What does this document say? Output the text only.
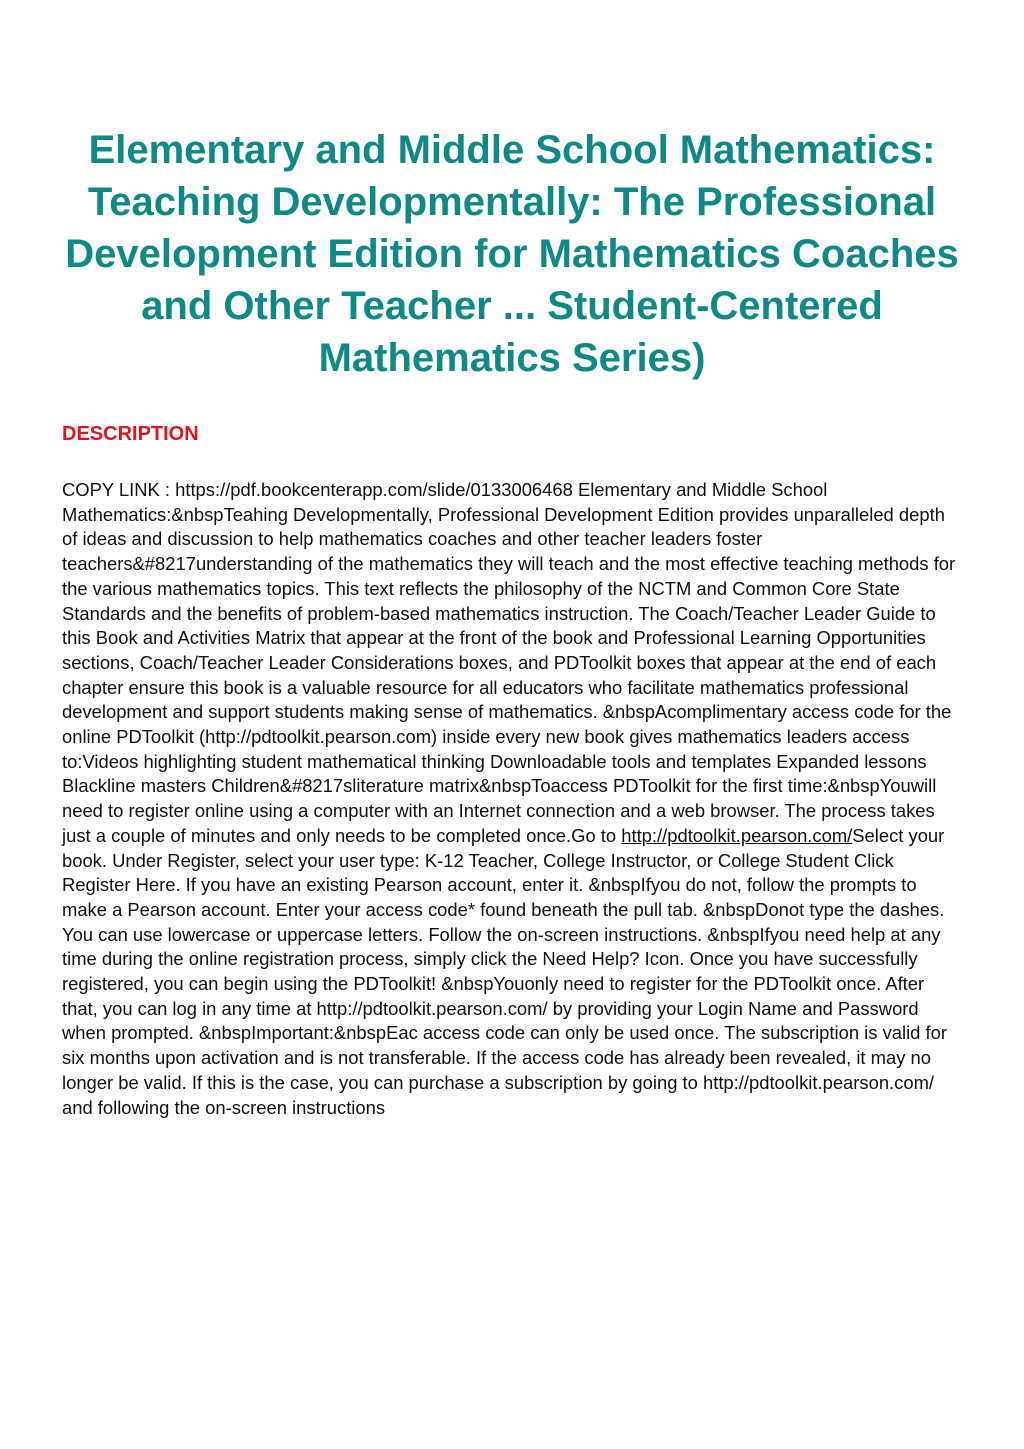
Elementary and Middle School Mathematics: Teaching Developmentally: The Professional Development Edition for Mathematics Coaches and Other Teacher ... Student-Centered Mathematics Series)
DESCRIPTION

COPY LINK : https://pdf.bookcenterapp.com/slide/0133006468 Elementary and Middle School Mathematics:&nbspTeahing Developmentally, Professional Development Edition provides unparalleled depth of ideas and discussion to help mathematics coaches and other teacher leaders foster teachers&#8217understanding of the mathematics they will teach and the most effective teaching methods for the various mathematics topics. This text reflects the philosophy of the NCTM and Common Core State Standards and the benefits of problem-based mathematics instruction. The Coach/Teacher Leader Guide to this Book and Activities Matrix that appear at the front of the book and Professional Learning Opportunities sections, Coach/Teacher Leader Considerations boxes, and PDToolkit boxes that appear at the end of each chapter ensure this book is a valuable resource for all educators who facilitate mathematics professional development and support students making sense of mathematics. &nbspAcomplimentary access code for the online PDToolkit (http://pdtoolkit.pearson.com) inside every new book gives mathematics leaders access to:Videos highlighting student mathematical thinking Downloadable tools and templates Expanded lessons Blackline masters Children&#8217sliterature matrix&nbspToaccess PDToolkit for the first time:&nbspYouwill need to register online using a computer with an Internet connection and a web browser. The process takes just a couple of minutes and only needs to be completed once.Go to http://pdtoolkit.pearson.com/Select your book. Under Register, select your user type: K-12 Teacher, College Instructor, or College Student Click Register Here. If you have an existing Pearson account, enter it. &nbspIfyou do not, follow the prompts to make a Pearson account. Enter your access code* found beneath the pull tab. &nbspDonot type the dashes. You can use lowercase or uppercase letters. Follow the on-screen instructions. &nbspIfyou need help at any time during the online registration process, simply click the Need Help? Icon. Once you have successfully registered, you can begin using the PDToolkit! &nbspYouonly need to register for the PDToolkit once. After that, you can log in any time at http://pdtoolkit.pearson.com/ by providing your Login Name and Password when prompted. &nbspImportant:&nbspEac access code can only be used once. The subscription is valid for six months upon activation and is not transferable. If the access code has already been revealed, it may no longer be valid. If this is the case, you can purchase a subscription by going to http://pdtoolkit.pearson.com/ and following the on-screen instructions
